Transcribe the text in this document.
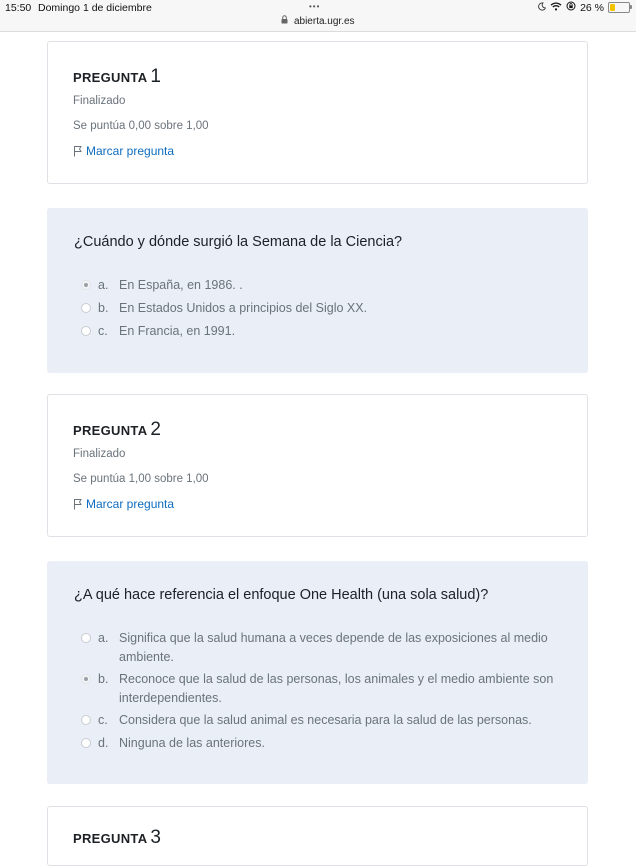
15:50 Domingo 1 de diciembre	•••
abierta.ugr.es
26 %
PREGUNTA 1
Finalizado
Se puntúa 0,00 sobre 1,00
Marcar pregunta
¿Cuándo y dónde surgió la Semana de la Ciencia?
a. En España, en 1986. .
b. En Estados Unidos a principios del Siglo XX.
c. En Francia, en 1991.
PREGUNTA 2
Finalizado
Se puntúa 1,00 sobre 1,00
Marcar pregunta
¿A qué hace referencia el enfoque One Health (una sola salud)?
a. Significa que la salud humana a veces depende de las exposiciones al medio ambiente.
b. Reconoce que la salud de las personas, los animales y el medio ambiente son interdependientes.
c. Considera que la salud animal es necesaria para la salud de las personas.
d. Ninguna de las anteriores.
PREGUNTA 3
